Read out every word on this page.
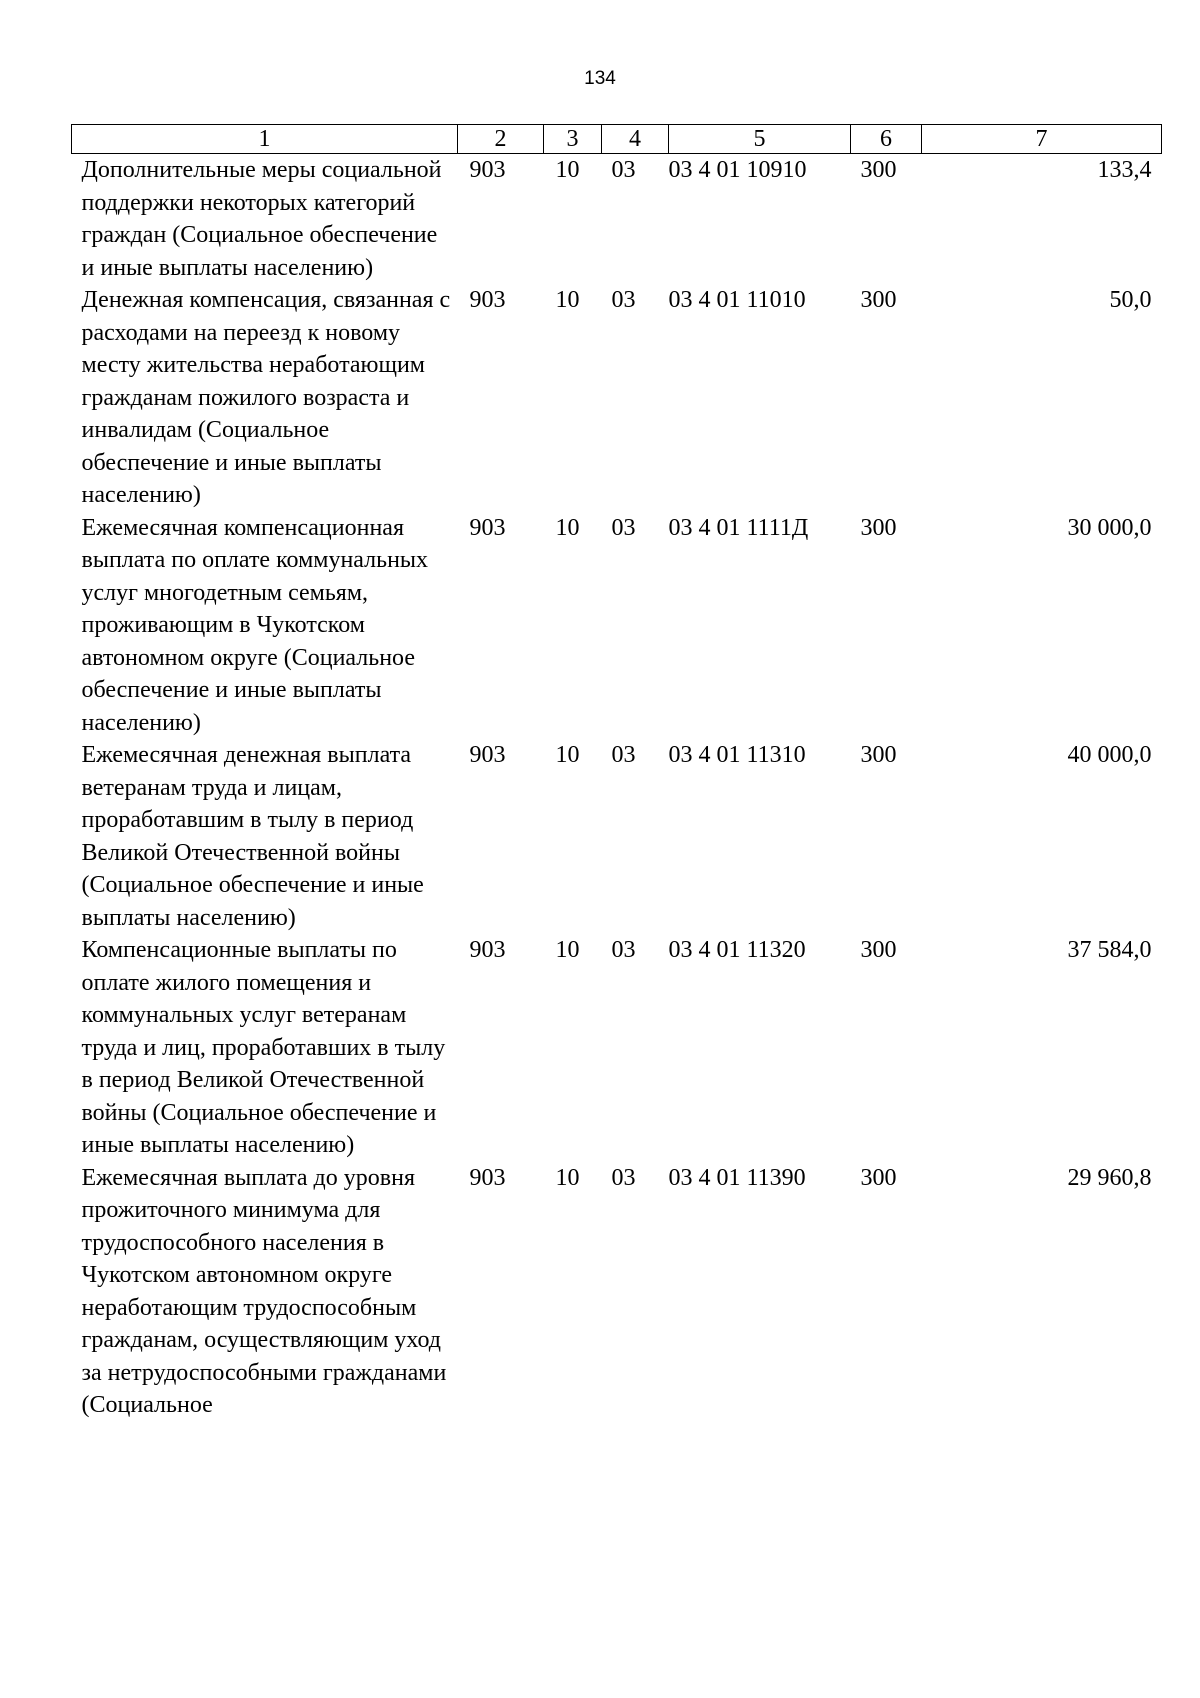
134
1	2	3	4	5	6	7
Дополнительные меры социальной поддержки некоторых категорий граждан (Социальное обеспечение и иные выплаты населению)	903	10	03	03 4 01 10910	300	133,4
Денежная компенсация, связанная с расходами на переезд к новому месту жительства неработающим гражданам пожилого возраста и инвалидам (Социальное обеспечение и иные выплаты населению)	903	10	03	03 4 01 11010	300	50,0
Ежемесячная компенсационная выплата по оплате коммунальных услуг многодетным семьям, проживающим в Чукотском автономном округе (Социальное обеспечение и иные выплаты населению)	903	10	03	03 4 01 1111Д	300	30 000,0
Ежемесячная денежная выплата ветеранам труда и лицам, проработавшим в тылу в период Великой Отечественной войны (Социальное обеспечение и иные выплаты населению)	903	10	03	03 4 01 11310	300	40 000,0
Компенсационные выплаты по оплате жилого помещения и коммунальных услуг ветеранам труда и лиц, проработавших в тылу в период Великой Отечественной войны (Социальное обеспечение и иные выплаты населению)	903	10	03	03 4 01 11320	300	37 584,0
Ежемесячная выплата до уровня прожиточного минимума для трудоспособного населения в Чукотском автономном округе неработающим трудоспособным гражданам, осуществляющим уход за нетрудоспособными гражданами (Социальное	903	10	03	03 4 01 11390	300	29 960,8
